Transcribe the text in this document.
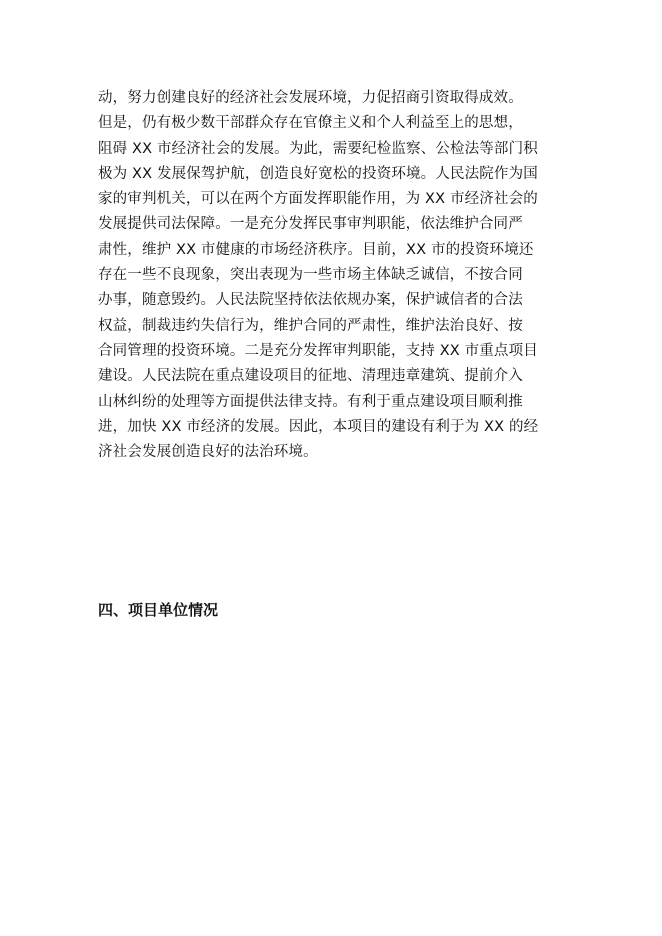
动，努力创建良好的经济社会发展环境，力促招商引资取得成效。
但是，仍有极少数干部群众存在官僚主义和个人利益至上的思想，
阻碍 XX 市经济社会的发展。为此，需要纪检监察、公检法等部门积
极为 XX 发展保驾护航，创造良好宽松的投资环境。人民法院作为国
家的审判机关，可以在两个方面发挥职能作用，为 XX 市经济社会的
发展提供司法保障。一是充分发挥民事审判职能，依法维护合同严
肃性，维护 XX 市健康的市场经济秩序。目前，XX 市的投资环境还
存在一些不良现象，突出表现为一些市场主体缺乏诚信，不按合同
办事，随意毁约。人民法院坚持依法依规办案，保护诚信者的合法
权益，制裁违约失信行为，维护合同的严肃性，维护法治良好、按
合同管理的投资环境。二是充分发挥审判职能，支持 XX 市重点项目
建设。人民法院在重点建设项目的征地、清理违章建筑、提前介入
山林纠纷的处理等方面提供法律支持。有利于重点建设项目顺利推
进，加快 XX 市经济的发展。因此，本项目的建设有利于为 XX 的经
济社会发展创造良好的法治环境。
四、项目单位情况
